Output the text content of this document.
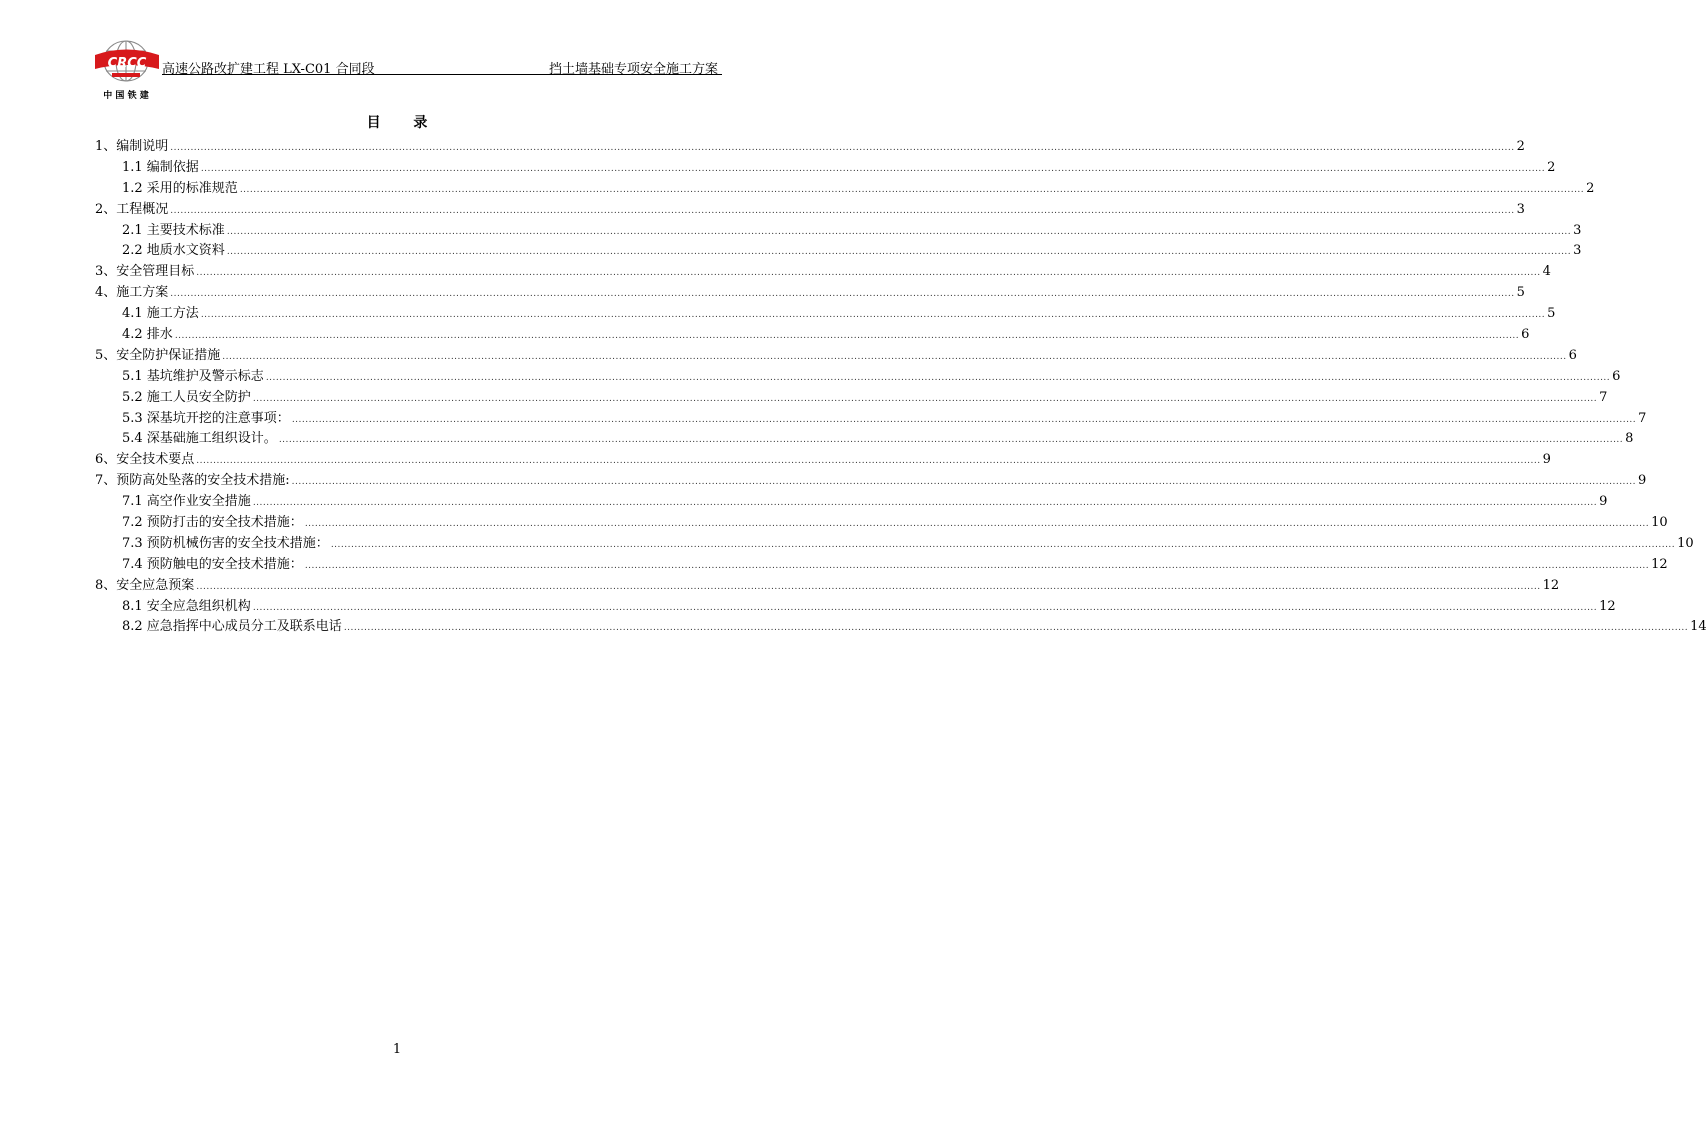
CRCC
中 国 铁 建
高速公路改扩建工程 LX-C01 合同段	挡土墙基础专项安全施工方案
目 录
1、编制说明 ................................................................................................................................................................................................................................................................................................................................................................................................................ 2
1.1 编制依据 ................................................................................................................................................................................................................................................................................................................................................................................................................ 2
1.2 采用的标准规范 ................................................................................................................................................................................................................................................................................................................................................................................................................ 2
2、工程概况 ................................................................................................................................................................................................................................................................................................................................................................................................................ 3
2.1 主要技术标准 ................................................................................................................................................................................................................................................................................................................................................................................................................ 3
2.2 地质水文资料 ................................................................................................................................................................................................................................................................................................................................................................................................................ 3
3、安全管理目标 ................................................................................................................................................................................................................................................................................................................................................................................................................ 4
4、施工方案 ................................................................................................................................................................................................................................................................................................................................................................................................................ 5
4.1 施工方法 ................................................................................................................................................................................................................................................................................................................................................................................................................ 5
4.2 排水 ................................................................................................................................................................................................................................................................................................................................................................................................................ 6
5、安全防护保证措施 ................................................................................................................................................................................................................................................................................................................................................................................................................ 6
5.1 基坑维护及警示标志 ................................................................................................................................................................................................................................................................................................................................................................................................................ 6
5.2 施工人员安全防护 ................................................................................................................................................................................................................................................................................................................................................................................................................ 7
5.3 深基坑开挖的注意事项： ................................................................................................................................................................................................................................................................................................................................................................................................................ 7
5.4 深基础施工组织设计。 ................................................................................................................................................................................................................................................................................................................................................................................................................ 8
6、安全技术要点 ................................................................................................................................................................................................................................................................................................................................................................................................................ 9
7、预防高处坠落的安全技术措施: ................................................................................................................................................................................................................................................................................................................................................................................................................ 9
7.1 高空作业安全措施 ................................................................................................................................................................................................................................................................................................................................................................................................................ 9
7.2 预防打击的安全技术措施： ................................................................................................................................................................................................................................................................................................................................................................................................................ 10
7.3 预防机械伤害的安全技术措施： ................................................................................................................................................................................................................................................................................................................................................................................................................ 10
7.4 预防触电的安全技术措施： ................................................................................................................................................................................................................................................................................................................................................................................................................ 12
8、安全应急预案 ................................................................................................................................................................................................................................................................................................................................................................................................................ 12
8.1 安全应急组织机构 ................................................................................................................................................................................................................................................................................................................................................................................................................ 12
8.2 应急指挥中心成员分工及联系电话 ................................................................................................................................................................................................................................................................................................................................................................................................................ 14
1
